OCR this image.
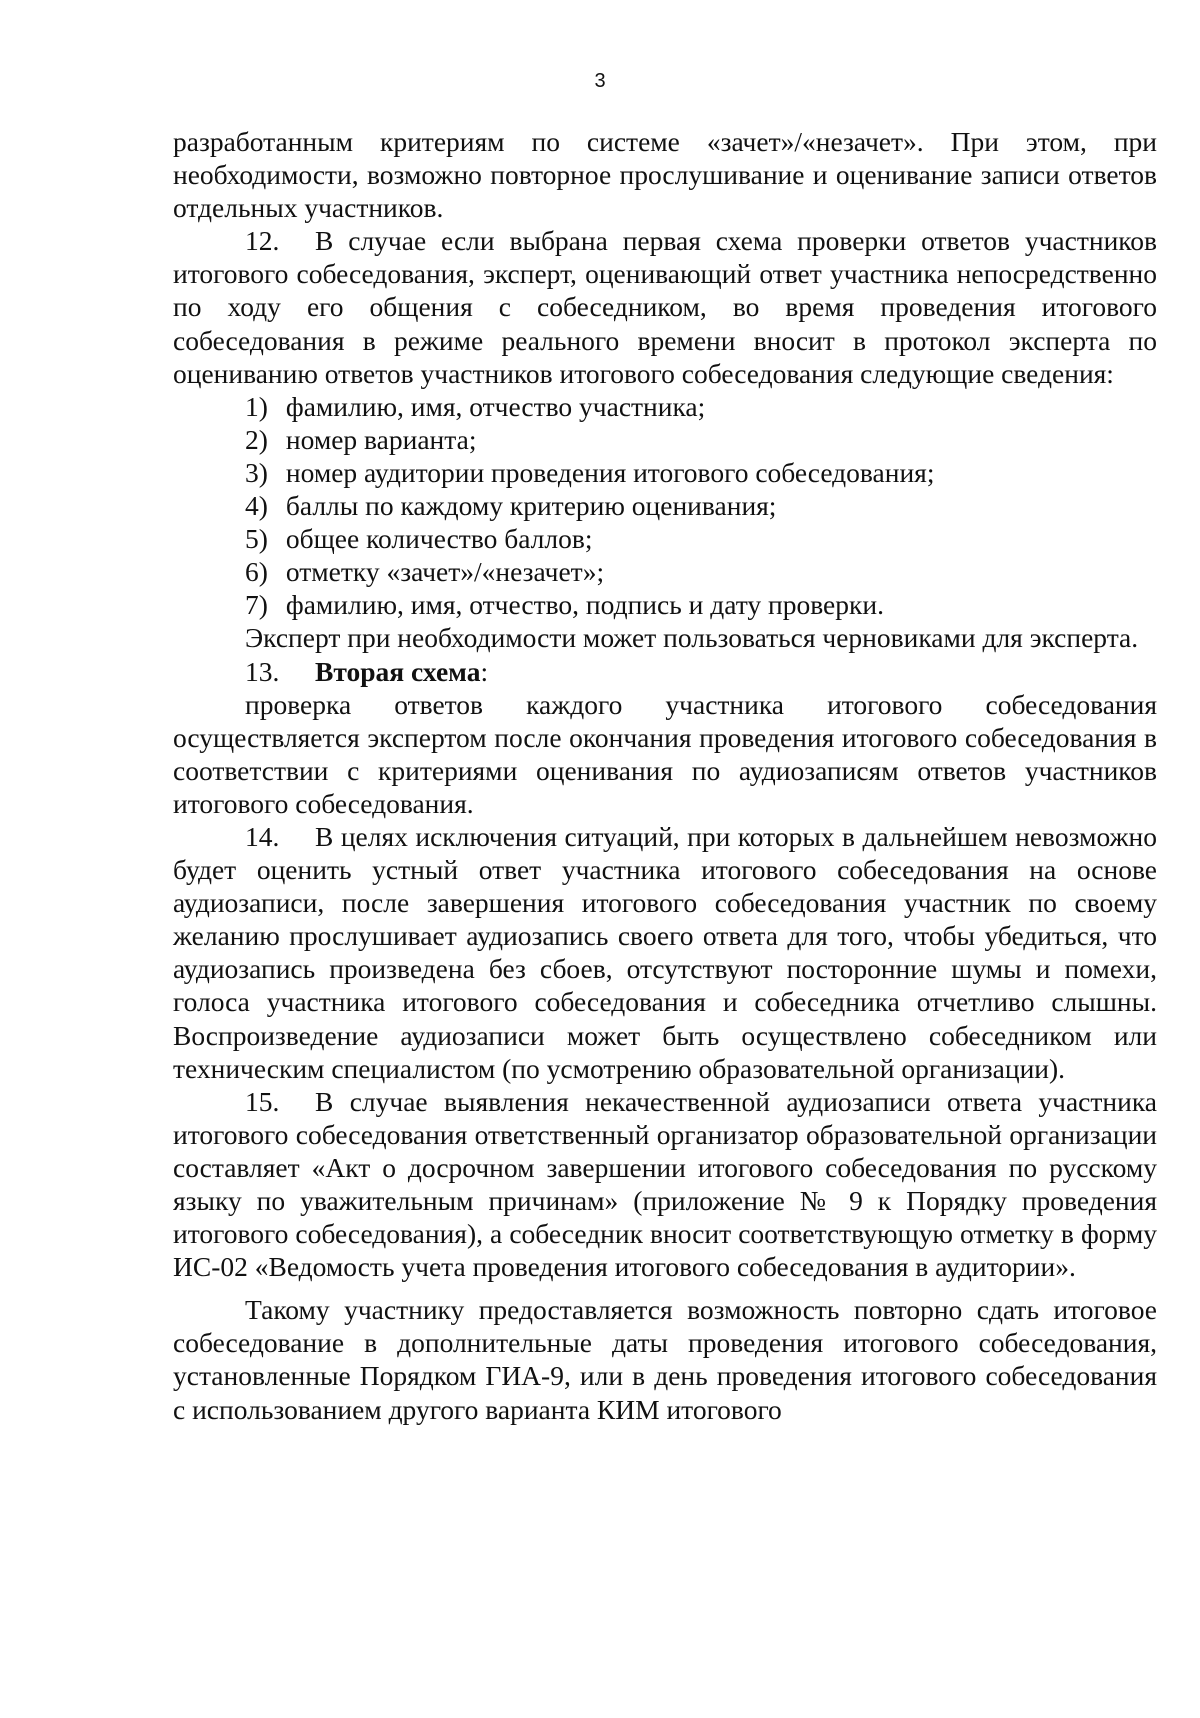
3

разработанным критериям по системе «зачет»/«незачет». При этом, при необходимости, возможно повторное прослушивание и оценивание записи ответов отдельных участников.

12. В случае если выбрана первая схема проверки ответов участников итогового собеседования, эксперт, оценивающий ответ участника непосредственно по ходу его общения с собеседником, во время проведения итогового собеседования в режиме реального времени вносит в протокол эксперта по оцениванию ответов участников итогового собеседования следующие сведения:

1) фамилию, имя, отчество участника;

2) номер варианта;

3) номер аудитории проведения итогового собеседования;

4) баллы по каждому критерию оценивания;

5) общее количество баллов;

6) отметку «зачет»/«незачет»;

7) фамилию, имя, отчество, подпись и дату проверки.

Эксперт при необходимости может пользоваться черновиками для эксперта.

13. Вторая схема:

проверка ответов каждого участника итогового собеседования осуществляется экспертом после окончания проведения итогового собеседования в соответствии с критериями оценивания по аудиозаписям ответов участников итогового собеседования.

14. В целях исключения ситуаций, при которых в дальнейшем невозможно будет оценить устный ответ участника итогового собеседования на основе аудиозаписи, после завершения итогового собеседования участник по своему желанию прослушивает аудиозапись своего ответа для того, чтобы убедиться, что аудиозапись произведена без сбоев, отсутствуют посторонние шумы и помехи, голоса участника итогового собеседования и собеседника отчетливо слышны. Воспроизведение аудиозаписи может быть осуществлено собеседником или техническим специалистом (по усмотрению образовательной организации).

15. В случае выявления некачественной аудиозаписи ответа участника итогового собеседования ответственный организатор образовательной организации составляет «Акт о досрочном завершении итогового собеседования по русскому языку по уважительным причинам» (приложение № 9 к Порядку проведения итогового собеседования), а собеседник вносит соответствующую отметку в форму ИС-02 «Ведомость учета проведения итогового собеседования в аудитории».

Такому участнику предоставляется возможность повторно сдать итоговое собеседование в дополнительные даты проведения итогового собеседования, установленные Порядком ГИА-9, или в день проведения итогового собеседования с использованием другого варианта КИМ итогового
